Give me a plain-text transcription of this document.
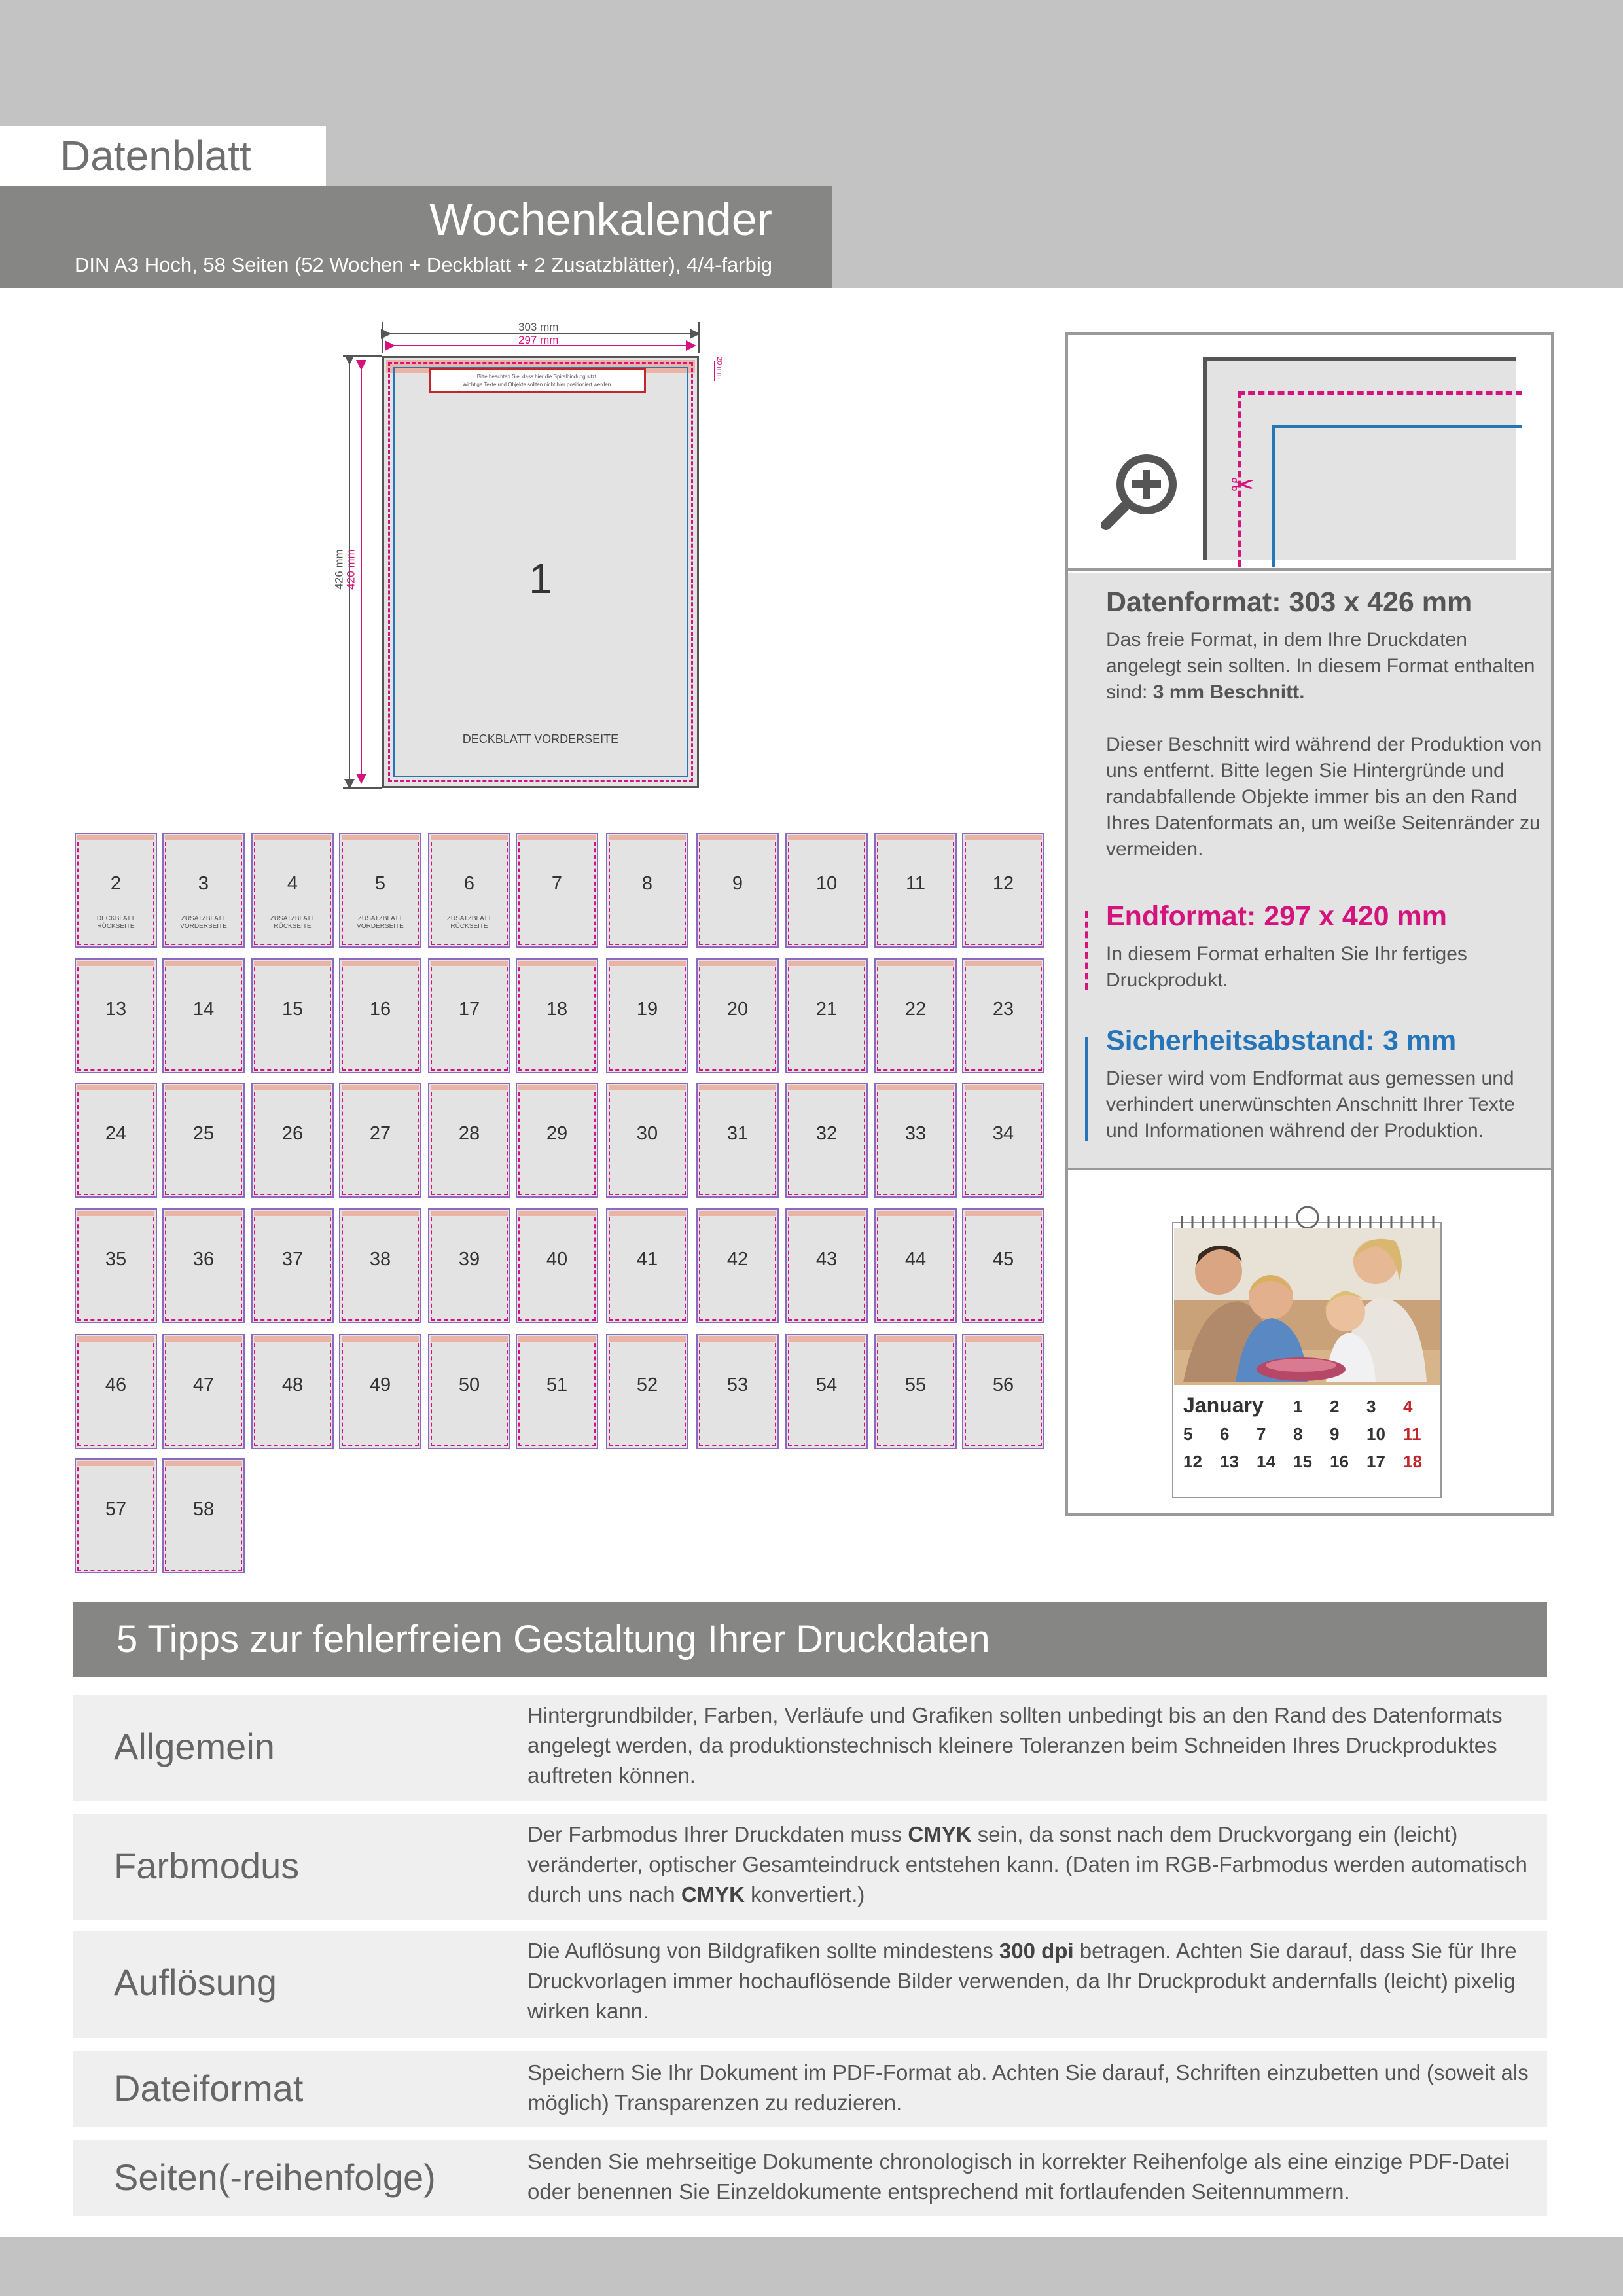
Datenblatt
Wochenkalender
DIN A3 Hoch, 58 Seiten (52 Wochen + Deckblatt + 2 Zusatzblätter), 4/4-farbig
303 mm
297 mm
426 mm 420 mm
20 mm
Bitte beachten Sie, dass hier die Spiralbindung sitzt.
Wichtige Texte und Objekte sollten nicht hier positioniert werden.
1
DECKBLATT VORDERSEITE
2
DECKBLATT
RÜCKSEITE
3
ZUSATZBLATT
VORDERSEITE
4
ZUSATZBLATT
RÜCKSEITE
5
ZUSATZBLATT
VORDERSEITE
6
ZUSATZBLATT
RÜCKSEITE
7	8	9	10	11	12
13	14	15	16	17	18	19	20	21	22	23
24	25	26	27	28	29	30	31	32	33	34
35	36	37	38	39	40	41	42	43	44	45
46	47	48	49	50	51	52	53	54	55	56
57	58
✂
Datenformat: 303 x 426 mm
Das freie Format, in dem Ihre Druckdaten angelegt sein sollten. In diesem Format enthalten sind: 3 mm Beschnitt.
Dieser Beschnitt wird während der Produktion von uns entfernt. Bitte legen Sie Hintergründe und randabfallende Objekte immer bis an den Rand Ihres Datenformats an, um weiße Seitenränder zu vermeiden.
Endformat: 297 x 420 mm
In diesem Format erhalten Sie Ihr fertiges Druckprodukt.
Sicherheitsabstand: 3 mm
Dieser wird vom Endformat aus gemessen und verhindert unerwünschten Anschnitt Ihrer Texte und Informationen während der Produktion.
January 1 2 3 4
5 6 7 8 9 10 11
12 13 14 15 16 17 18
5 Tipps zur fehlerfreien Gestaltung Ihrer Druckdaten
Allgemein
Hintergrundbilder, Farben, Verläufe und Grafiken sollten unbedingt bis an den Rand des Datenformats angelegt werden, da produktionstechnisch kleinere Toleranzen beim Schneiden Ihres Druckproduktes auftreten können.
Farbmodus
Der Farbmodus Ihrer Druckdaten muss CMYK sein, da sonst nach dem Druckvorgang ein (leicht) veränderter, optischer Gesamteindruck entstehen kann. (Daten im RGB-Farbmodus werden automatisch durch uns nach CMYK konvertiert.)
Auflösung
Die Auflösung von Bildgrafiken sollte mindestens 300 dpi betragen. Achten Sie darauf, dass Sie für Ihre Druckvorlagen immer hochauflösende Bilder verwenden, da Ihr Druckprodukt andernfalls (leicht) pixelig wirken kann.
Dateiformat	Speichern Sie Ihr Dokument im PDF-Format ab. Achten Sie darauf, Schriften einzubetten und (soweit als möglich) Transparenzen zu reduzieren.
Seiten(-reihenfolge)	Senden Sie mehrseitige Dokumente chronologisch in korrekter Reihenfolge als eine einzige PDF-Datei oder benennen Sie Einzeldokumente entsprechend mit fortlaufenden Seitennummern.
